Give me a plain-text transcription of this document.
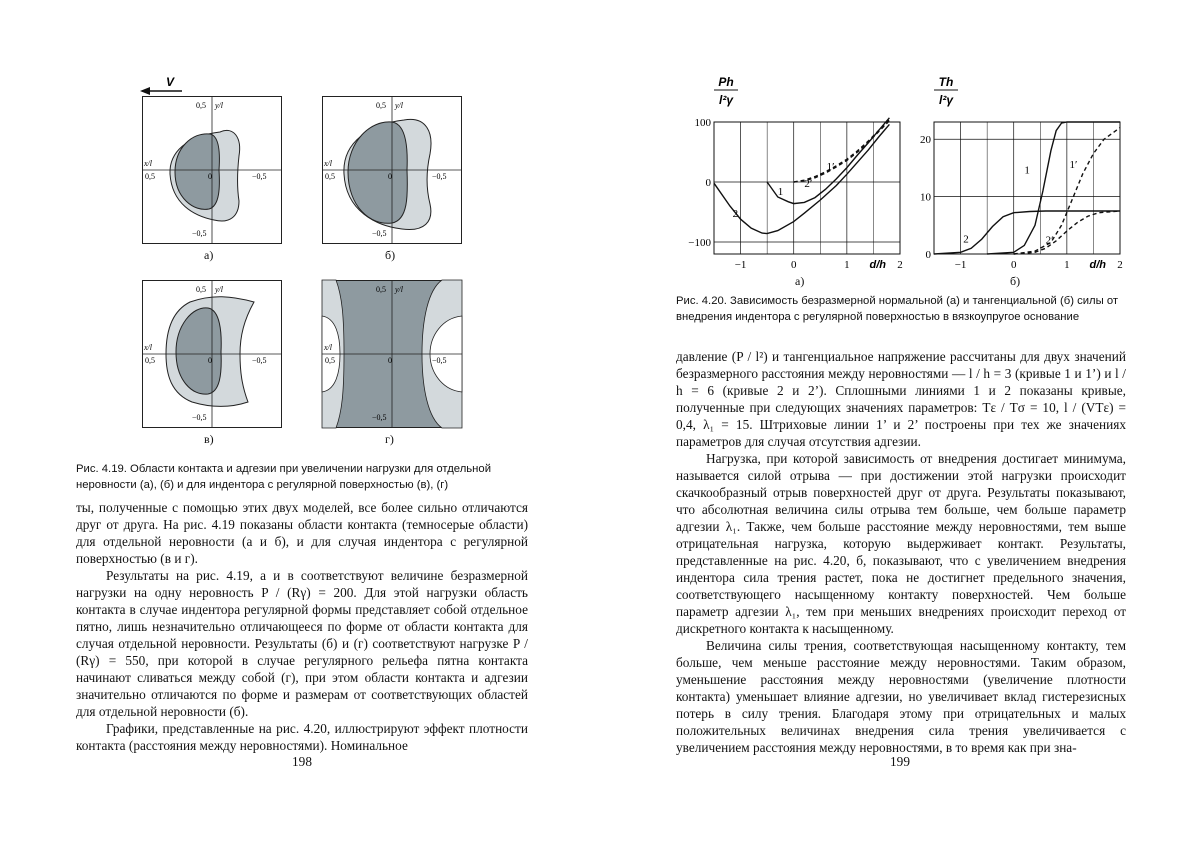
V
0,5 y/l
x/l
0,5	0	−0,5
−0,5
а)
0,5 y/l
x/l
0,5	0	−0,5
−0,5
б)
0,5 y/l
x/l
0,5	0	−0,5
−0,5
в)
0,5 y/l
x/l
0,5	0	−0,5
−0,5
г)

Рис. 4.19. Области контакта и адгезии при увеличении нагрузки для отдельной неровности (а), (б) и для индентора с регулярной поверхностью (в), (г)

ты, полученные с помощью этих двух моделей, все более сильно отличаются друг от друга. На рис. 4.19 показаны области контакта (темносерые области) для отдельной неровности (а и б), и для случая индентора с регулярной поверхностью (в и г).
Результаты на рис. 4.19, а и в соответствуют величине безразмерной нагрузки на одну неровность P / (Rγ) = 200. Для этой нагрузки область контакта в случае индентора регулярной формы представляет собой отдельное пятно, лишь незначительно отличающееся по форме от области контакта для случая отдельной неровности. Результаты (б) и (г) соответствуют нагрузке P / (Rγ) = 550, при которой в случае регулярного рельефа пятна контакта начинают сливаться между собой (г), при этом области контакта и адгезии значительно отличаются по форме и размерам от соответствующих областей для отдельной неровности (б).
Графики, представленные на рис. 4.20, иллюстрируют эффект плотности контакта (расстояния между неровностями). Номинальное
198
Ph
l²γ
−1	0	1	2
100
0
−100
d/h
1
1′
2
2′
а)
Th
l²γ
−1	0	1	2
20
10
0
d/h
1	1′
2	2′
б)

Рис. 4.20. Зависимость безразмерной нормальной (а) и тангенциальной (б) силы от внедрения индентора с регулярной поверхностью в вязкоупругое основание

давление (P / l²) и тангенциальное напряжение рассчитаны для двух значений безразмерного расстояния между неровностями — l / h = 3 (кривые 1 и 1’) и l / h = 6 (кривые 2 и 2’). Сплошными линиями 1 и 2 показаны кривые, полученные при следующих значениях параметров: Tε / Tσ = 10, l / (VTε) = 0,4, λ₁ = 15. Штриховые линии 1’ и 2’ построены при тех же значениях параметров для случая отсутствия адгезии.
Нагрузка, при которой зависимость от внедрения достигает минимума, называется силой отрыва — при достижении этой нагрузки происходит скачкообразный отрыв поверхностей друг от друга. Результаты показывают, что абсолютная величина силы отрыва тем больше, чем больше параметр адгезии λ₁. Также, чем больше расстояние между неровностями, тем выше отрицательная нагрузка, которую выдерживает контакт. Результаты, представленные на рис. 4.20, б, показывают, что с увеличением внедрения индентора сила трения растет, пока не достигнет предельного значения, соответствующего насыщенному контакту поверхностей. Чем больше параметр адгезии λ₁, тем при меньших внедрениях происходит переход от дискретного контакта к насыщенному.
Величина силы трения, соответствующая насыщенному контакту, тем больше, чем меньше расстояние между неровностями. Таким образом, уменьшение расстояния между неровностями (увеличение плотности контакта) уменьшает влияние адгезии, но увеличивает вклад гистерезисных потерь в силу трения. Благодаря этому при отрицательных и малых положительных величинах внедрения сила трения увеличивается с увеличением расстояния между неровностями, в то время как при зна-
199
